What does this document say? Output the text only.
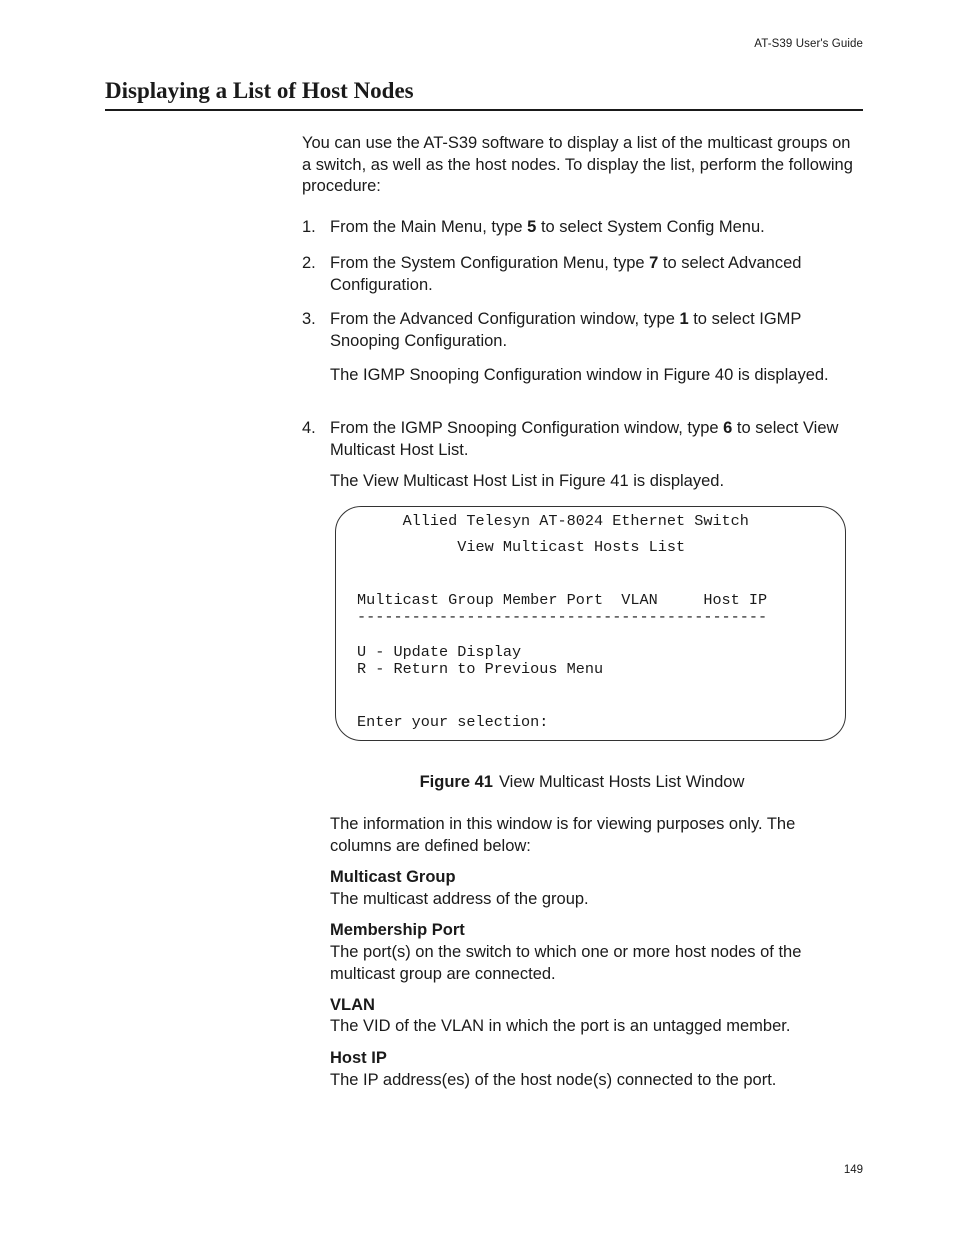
AT-S39 User's Guide
Displaying a List of Host Nodes
You can use the AT-S39 software to display a list of the multicast groups on a switch, as well as the host nodes. To display the list, perform the following procedure:
1. From the Main Menu, type 5 to select System Config Menu.
2. From the System Configuration Menu, type 7 to select Advanced Configuration.
3. From the Advanced Configuration window, type 1 to select IGMP Snooping Configuration.
The IGMP Snooping Configuration window in Figure 40 is displayed.
4. From the IGMP Snooping Configuration window, type 6 to select View Multicast Host List.
The View Multicast Host List in Figure 41 is displayed.
Allied Telesyn AT-8024 Ethernet Switch
View Multicast Hosts List
Multicast Group Member Port  VLAN     Host IP
---------------------------------------------
U - Update Display
R - Return to Previous Menu
Enter your selection:
Figure 41 View Multicast Hosts List Window
The information in this window is for viewing purposes only. The columns are defined below:
Multicast Group
The multicast address of the group.
Membership Port
The port(s) on the switch to which one or more host nodes of the multicast group are connected.
VLAN
The VID of the VLAN in which the port is an untagged member.
Host IP
The IP address(es) of the host node(s) connected to the port.
149
